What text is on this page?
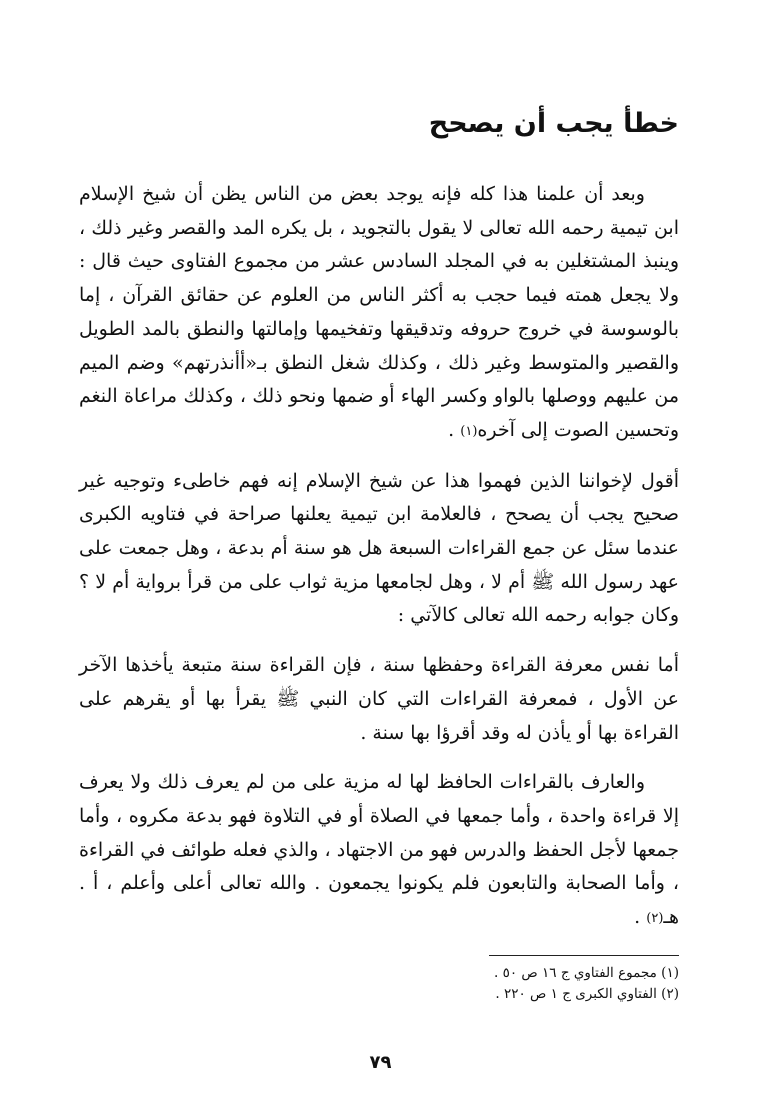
خطأ يجب أن يصحح

وبعد أن علمنا هذا كله فإنه يوجد بعض من الناس يظن أن شيخ الإسلام ابن تيمية رحمه الله تعالى لا يقول بالتجويد ، بل يكره المد والقصر وغير ذلك ، وينبذ المشتغلين به في المجلد السادس عشر من مجموع الفتاوى حيث قال : ولا يجعل همته فيما حجب به أكثر الناس من العلوم عن حقائق القرآن ، إما بالوسوسة في خروج حروفه وتدقيقها وتفخيمها وإمالتها والنطق بالمد الطويل والقصير والمتوسط وغير ذلك ، وكذلك شغل النطق بـ«أأنذرتهم» وضم الميم من عليهم ووصلها بالواو وكسر الهاء أو ضمها ونحو ذلك ، وكذلك مراعاة النغم وتحسين الصوت إلى آخره(١) .

أقول لإخواننا الذين فهموا هذا عن شيخ الإسلام إنه فهم خاطىء وتوجيه غير صحيح يجب أن يصحح ، فالعلامة ابن تيمية يعلنها صراحة في فتاويه الكبرى عندما سئل عن جمع القراءات السبعة هل هو سنة أم بدعة ، وهل جمعت على عهد رسول الله ﷺ أم لا ، وهل لجامعها مزية ثواب على من قرأ برواية أم لا ؟ وكان جوابه رحمه الله تعالى كالآتي :

أما نفس معرفة القراءة وحفظها سنة ، فإن القراءة سنة متبعة يأخذها الآخر عن الأول ، فمعرفة القراءات التي كان النبي ﷺ يقرأ بها أو يقرهم على القراءة بها أو يأذن له وقد أقرؤا بها سنة .

والعارف بالقراءات الحافظ لها له مزية على من لم يعرف ذلك ولا يعرف إلا قراءة واحدة ، وأما جمعها في الصلاة أو في التلاوة فهو بدعة مكروه ، وأما جمعها لأجل الحفظ والدرس فهو من الاجتهاد ، والذي فعله طوائف في القراءة ، وأما الصحابة والتابعون فلم يكونوا يجمعون . والله تعالى أعلى وأعلم ، أ . هـ(٢) .

(١) مجموع الفتاوي ج ١٦ ص ٥٠ .

(٢) الفتاوي الكبرى ج ١ ص ٢٢٠ .

٧٩
